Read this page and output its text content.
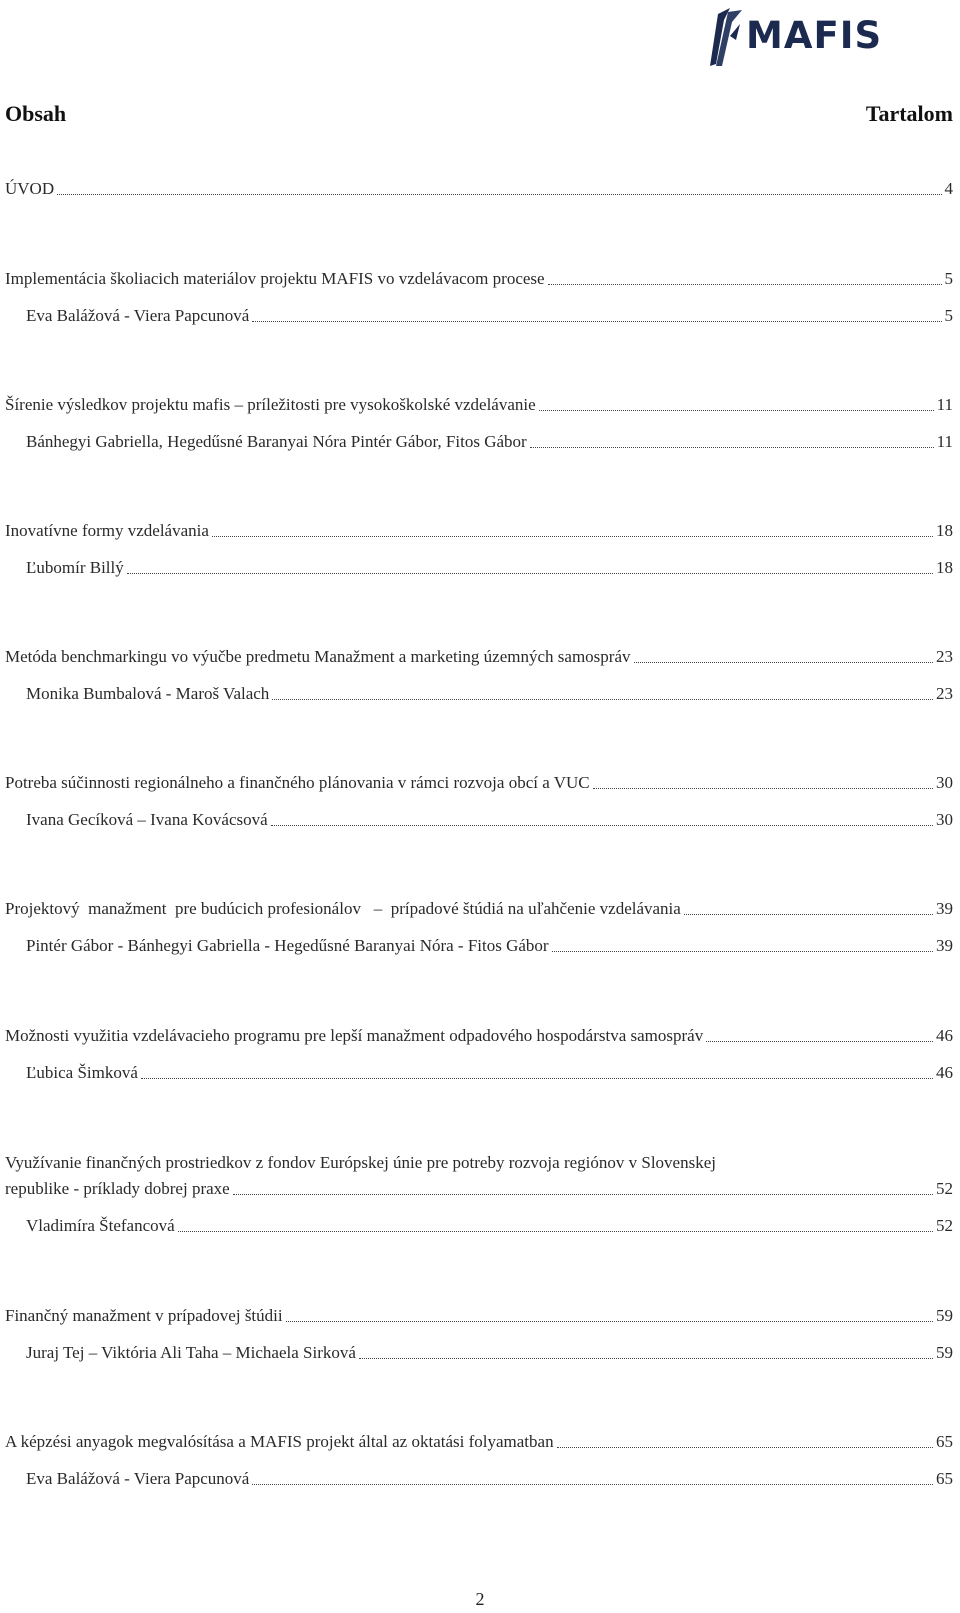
MAFIS
Obsah	Tartalom
ÚVOD	4
Implementácia školiacich materiálov projektu MAFIS vo vzdelávacom procese	5
Eva Balážová - Viera Papcunová	5
Šírenie výsledkov projektu mafis – príležitosti pre vysokoškolské vzdelávanie	11
Bánhegyi Gabriella, Hegedűsné Baranyai Nóra Pintér Gábor, Fitos Gábor	11
Inovatívne formy vzdelávania	18
Ľubomír Billý	18
Metóda benchmarkingu vo výučbe predmetu Manažment a marketing územných samospráv	23
Monika Bumbalová - Maroš Valach	23
Potreba súčinnosti regionálneho a finančného plánovania v rámci rozvoja obcí a VUC	30
Ivana Gecíková – Ivana Kovácsová	30
Projektový  manažment  pre budúcich profesionálov   –  prípadové štúdiá na uľahčenie vzdelávania	39
Pintér Gábor - Bánhegyi Gabriella - Hegedűsné Baranyai Nóra - Fitos Gábor	39
Možnosti využitia vzdelávacieho programu pre lepší manažment odpadového hospodárstva samospráv	46
Ľubica Šimková	46
Využívanie finančných prostriedkov z fondov Európskej únie pre potreby rozvoja regiónov v Slovenskej
republike - príklady dobrej praxe	52
Vladimíra Štefancová	52
Finančný manažment v prípadovej štúdii	59
Juraj Tej – Viktória Ali Taha – Michaela Sirková	59
A képzési anyagok megvalósítása a MAFIS projekt által az oktatási folyamatban	65
Eva Balážová - Viera Papcunová	65
2
